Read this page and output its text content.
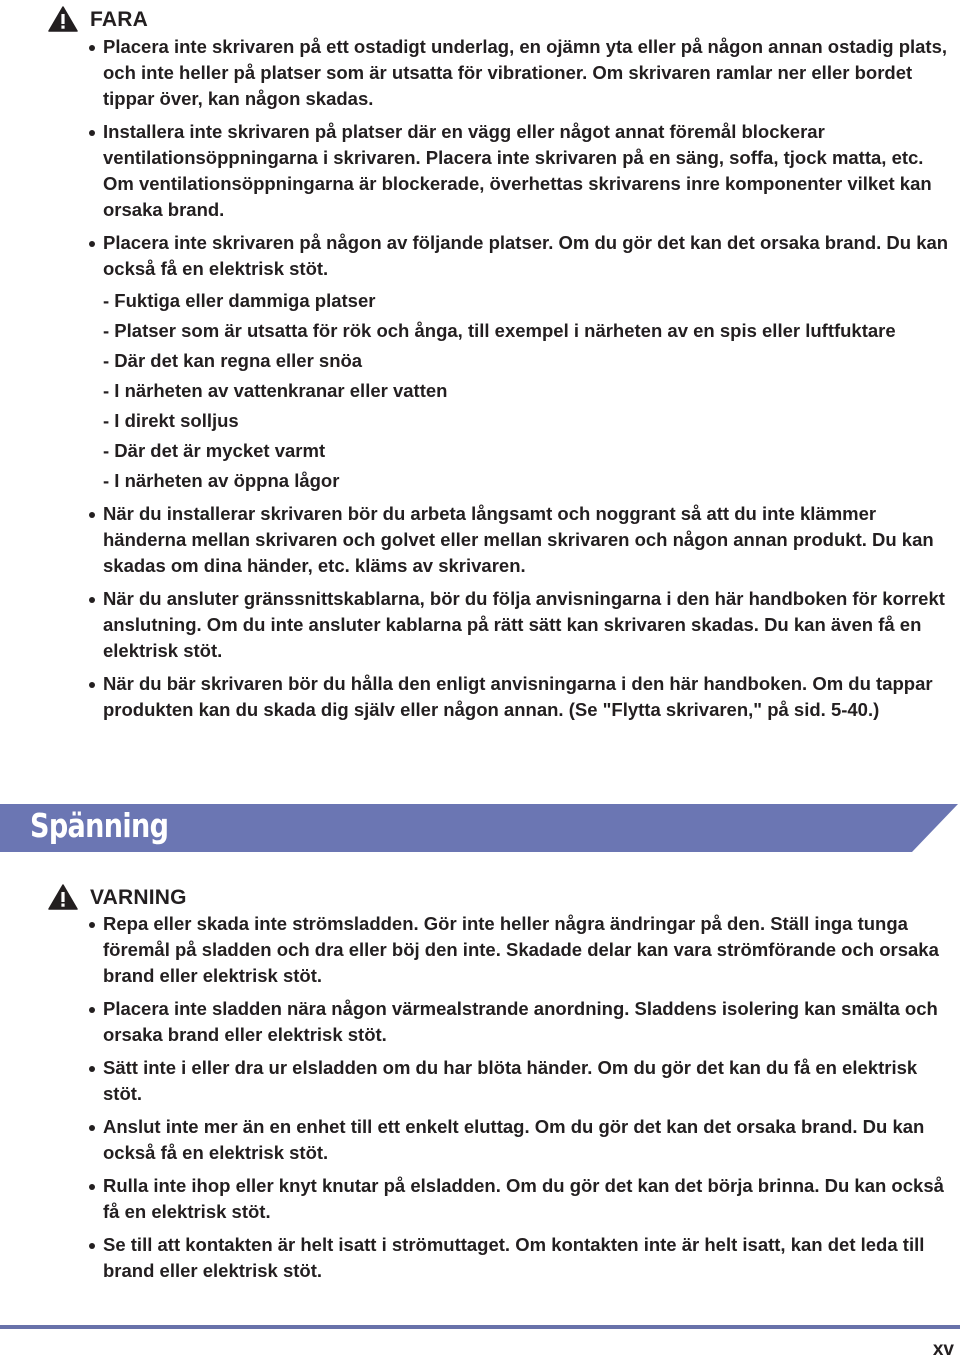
FARA
Placera inte skrivaren på ett ostadigt underlag, en ojämn yta eller på någon annan ostadig plats, och inte heller på platser som är utsatta för vibrationer. Om skrivaren ramlar ner eller bordet tippar över, kan någon skadas.
Installera inte skrivaren på platser där en vägg eller något annat föremål blockerar ventilationsöppningarna i skrivaren. Placera inte skrivaren på en säng, soffa, tjock matta, etc. Om ventilationsöppningarna är blockerade, överhettas skrivarens inre komponenter vilket kan orsaka brand.
Placera inte skrivaren på någon av följande platser. Om du gör det kan det orsaka brand. Du kan också få en elektrisk stöt.
- Fuktiga eller dammiga platser
- Platser som är utsatta för rök och ånga, till exempel i närheten av en spis eller luftfuktare
- Där det kan regna eller snöa
- I närheten av vattenkranar eller vatten
- I direkt solljus
- Där det är mycket varmt
- I närheten av öppna lågor
När du installerar skrivaren bör du arbeta långsamt och noggrant så att du inte klämmer händerna mellan skrivaren och golvet eller mellan skrivaren och någon annan produkt. Du kan skadas om dina händer, etc. kläms av skrivaren.
När du ansluter gränssnittskablarna, bör du följa anvisningarna i den här handboken för korrekt anslutning. Om du inte ansluter kablarna på rätt sätt kan skrivaren skadas. Du kan även få en elektrisk stöt.
När du bär skrivaren bör du hålla den enligt anvisningarna i den här handboken. Om du tappar produkten kan du skada dig själv eller någon annan. (Se "Flytta skrivaren," på sid. 5-40.)
Spänning
VARNING
Repa eller skada inte strömsladden. Gör inte heller några ändringar på den. Ställ inga tunga föremål på sladden och dra eller böj den inte. Skadade delar kan vara strömförande och orsaka brand eller elektrisk stöt.
Placera inte sladden nära någon värmealstrande anordning. Sladdens isolering kan smälta och orsaka brand eller elektrisk stöt.
Sätt inte i eller dra ur elsladden om du har blöta händer. Om du gör det kan du få en elektrisk stöt.
Anslut inte mer än en enhet till ett enkelt eluttag. Om du gör det kan det orsaka brand. Du kan också få en elektrisk stöt.
Rulla inte ihop eller knyt knutar på elsladden. Om du gör det kan det börja brinna. Du kan också få en elektrisk stöt.
Se till att kontakten är helt isatt i strömuttaget. Om kontakten inte är helt isatt, kan det leda till brand eller elektrisk stöt.
xv
